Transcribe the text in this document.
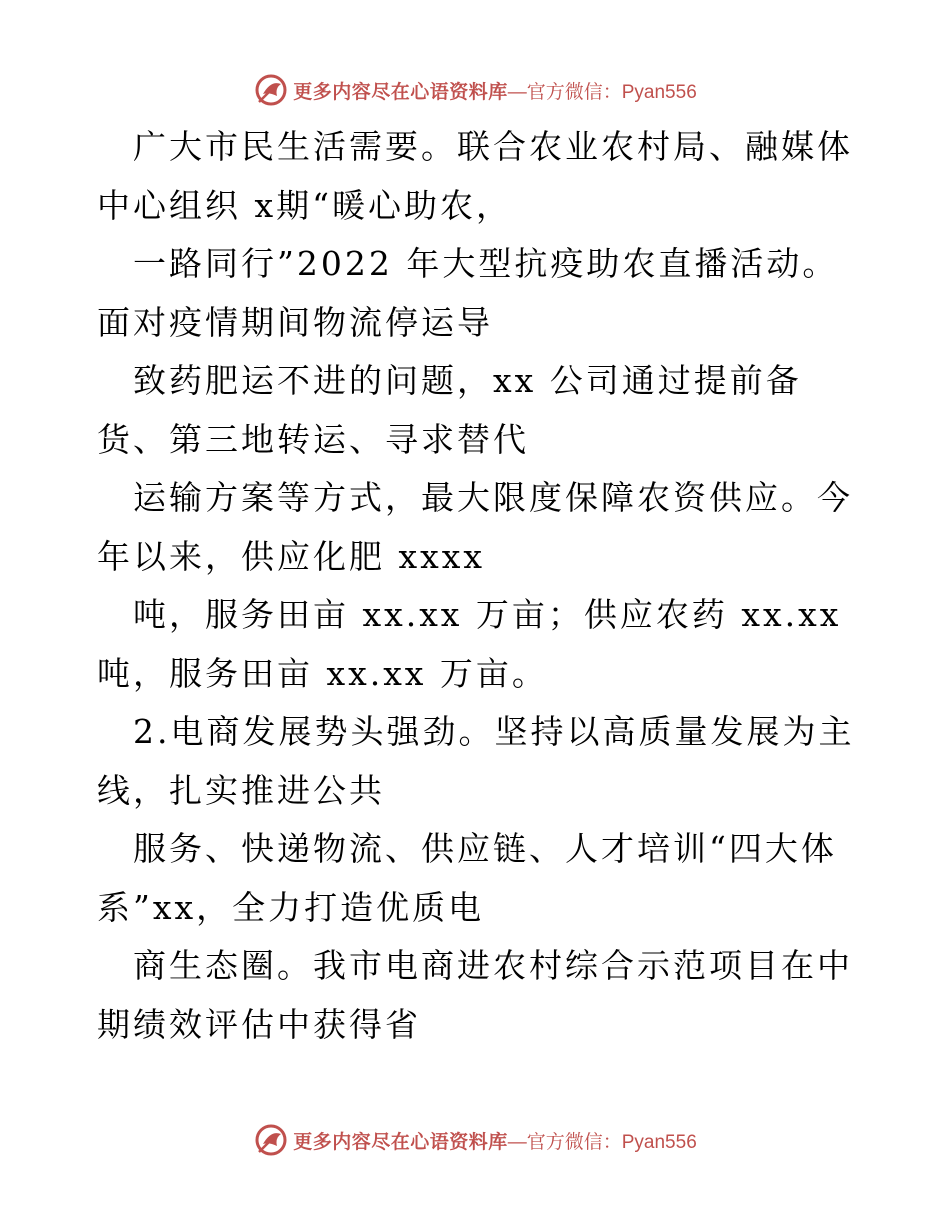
更多内容尽在心语资料库 —官方微信：Pyan556

广大市民生活需要。联合农业农村局、融媒体中心组织 x期“暖心助农，

一路同行”2022 年大型抗疫助农直播活动。面对疫情期间物流停运导

致药肥运不进的问题，xx 公司通过提前备货、第三地转运、寻求替代

运输方案等方式，最大限度保障农资供应。今年以来，供应化肥 xxxx

吨，服务田亩 xx.xx 万亩；供应农药 xx.xx 吨，服务田亩 xx.xx 万亩。

2.电商发展势头强劲。坚持以高质量发展为主线，扎实推进公共

服务、快递物流、供应链、人才培训“四大体系”xx，全力打造优质电

商生态圈。我市电商进农村综合示范项目在中期绩效评估中获得省

更多内容尽在心语资料库 —官方微信：Pyan556
